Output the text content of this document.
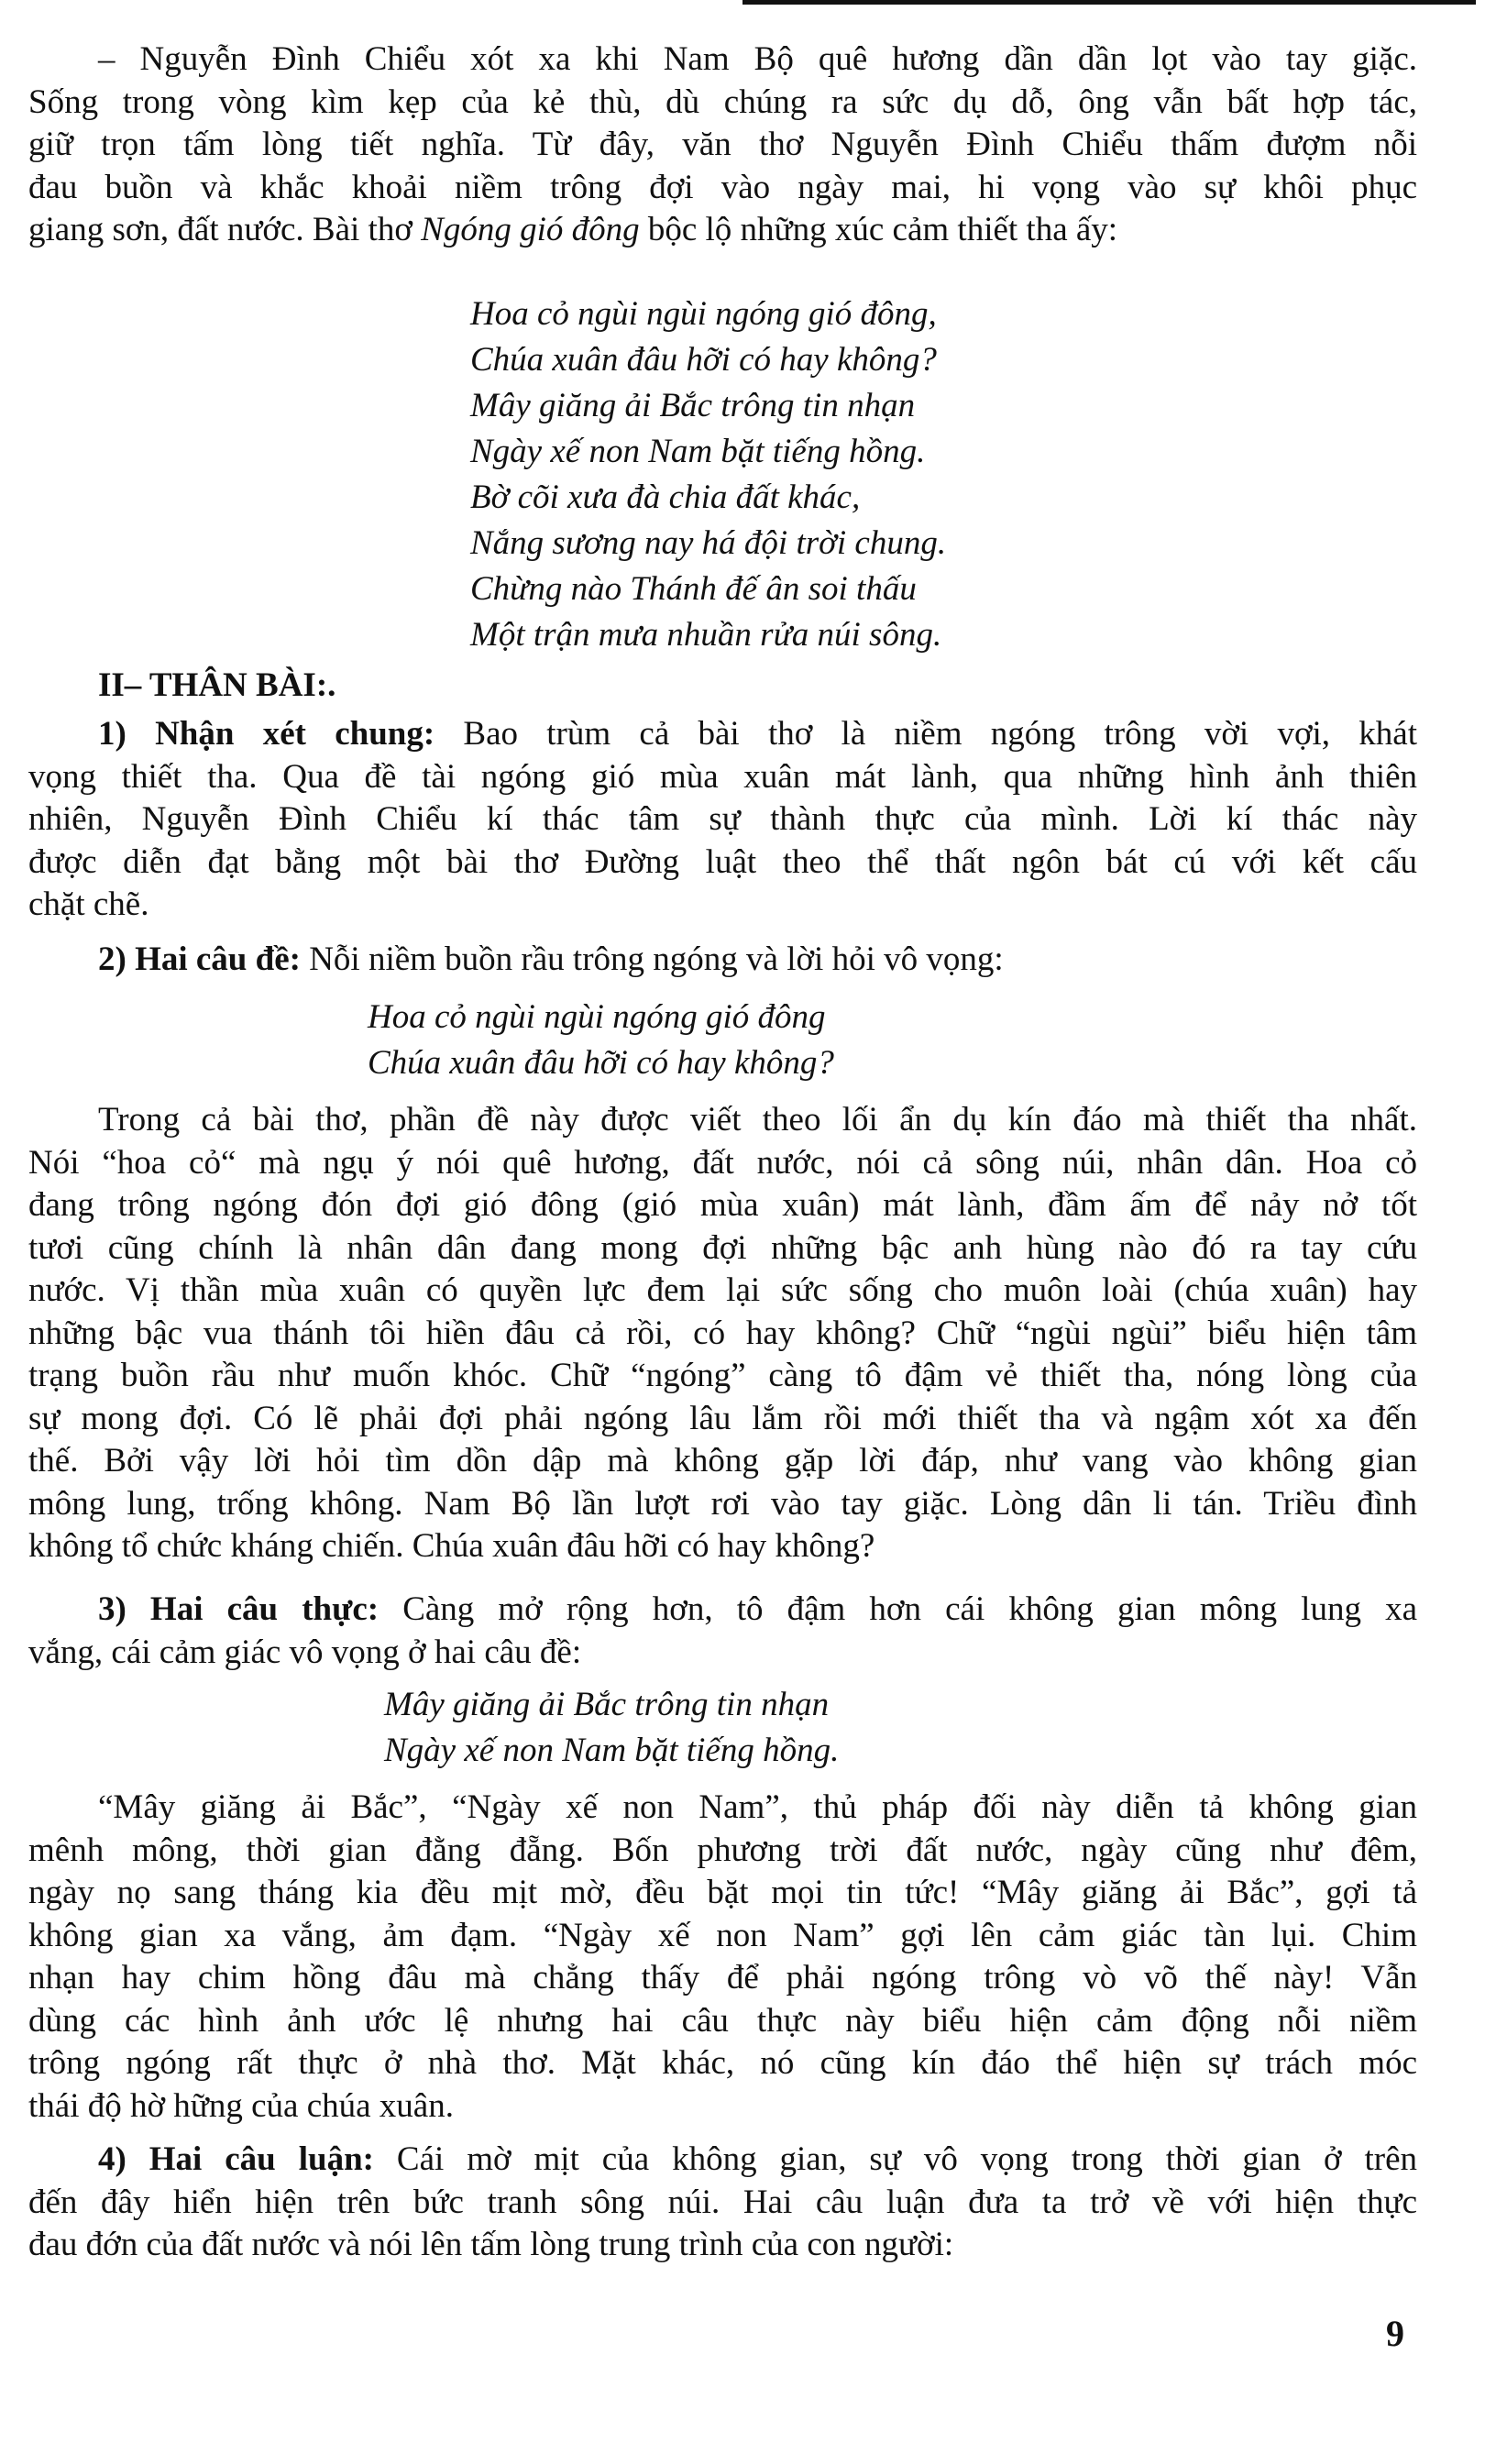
– Nguyễn Đình Chiểu xót xa khi Nam Bộ quê hương dần dần lọt vào tay giặc.
Sống trong vòng kìm kẹp của kẻ thù, dù chúng ra sức dụ dỗ, ông vẫn bất hợp tác,
giữ trọn tấm lòng tiết nghĩa. Từ đây, văn thơ Nguyễn Đình Chiểu thấm đượm nỗi
đau buồn và khắc khoải niềm trông đợi vào ngày mai, hi vọng vào sự khôi phục
giang sơn, đất nước. Bài thơ Ngóng gió đông bộc lộ những xúc cảm thiết tha ấy:
Hoa cỏ ngùi ngùi ngóng gió đông,
Chúa xuân đâu hỡi có hay không?
Mây giăng ải Bắc trông tin nhạn
Ngày xế non Nam bặt tiếng hồng.
Bờ cõi xưa đà chia đất khác,
Nắng sương nay há đội trời chung.
Chừng nào Thánh đế ân soi thấu
Một trận mưa nhuần rửa núi sông.
II– THÂN BÀI:.
1) Nhận xét chung: Bao trùm cả bài thơ là niềm ngóng trông vời vợi, khát
vọng thiết tha. Qua đề tài ngóng gió mùa xuân mát lành, qua những hình ảnh thiên
nhiên, Nguyễn Đình Chiểu kí thác tâm sự thành thực của mình. Lời kí thác này
được diễn đạt bằng một bài thơ Đường luật theo thể thất ngôn bát cú với kết cấu
chặt chẽ.
2) Hai câu đề: Nỗi niềm buồn rầu trông ngóng và lời hỏi vô vọng:
Hoa cỏ ngùi ngùi ngóng gió đông
Chúa xuân đâu hỡi có hay không?
Trong cả bài thơ, phần đề này được viết theo lối ẩn dụ kín đáo mà thiết tha nhất.
Nói “hoa cỏ“ mà ngụ ý nói quê hương, đất nước, nói cả sông núi, nhân dân. Hoa cỏ
đang trông ngóng đón đợi gió đông (gió mùa xuân) mát lành, đầm ấm để nảy nở tốt
tươi cũng chính là nhân dân đang mong đợi những bậc anh hùng nào đó ra tay cứu
nước. Vị thần mùa xuân có quyền lực đem lại sức sống cho muôn loài (chúa xuân) hay
những bậc vua thánh tôi hiền đâu cả rồi, có hay không? Chữ “ngùi ngùi” biểu hiện tâm
trạng buồn rầu như muốn khóc. Chữ “ngóng” càng tô đậm vẻ thiết tha, nóng lòng của
sự mong đợi. Có lẽ phải đợi phải ngóng lâu lắm rồi mới thiết tha và ngậm xót xa đến
thế. Bởi vậy lời hỏi tìm dồn dập mà không gặp lời đáp, như vang vào không gian
mông lung, trống không. Nam Bộ lần lượt rơi vào tay giặc. Lòng dân li tán. Triều đình
không tổ chức kháng chiến. Chúa xuân đâu hỡi có hay không?
3) Hai câu thực: Càng mở rộng hơn, tô đậm hơn cái không gian mông lung xa
vắng, cái cảm giác vô vọng ở hai câu đề:
Mây giăng ải Bắc trông tin nhạn
Ngày xế non Nam bặt tiếng hồng.
“Mây giăng ải Bắc”, “Ngày xế non Nam”, thủ pháp đối này diễn tả không gian
mênh mông, thời gian đằng đẵng. Bốn phương trời đất nước, ngày cũng như đêm,
ngày nọ sang tháng kia đều mịt mờ, đều bặt mọi tin tức! “Mây giăng ải Bắc”, gợi tả
không gian xa vắng, ảm đạm. “Ngày xế non Nam” gợi lên cảm giác tàn lụi. Chim
nhạn hay chim hồng đâu mà chẳng thấy để phải ngóng trông vò võ thế này! Vẫn
dùng các hình ảnh ước lệ nhưng hai câu thực này biểu hiện cảm động nỗi niềm
trông ngóng rất thực ở nhà thơ. Mặt khác, nó cũng kín đáo thể hiện sự trách móc
thái độ hờ hững của chúa xuân.
4) Hai câu luận: Cái mờ mịt của không gian, sự vô vọng trong thời gian ở trên
đến đây hiển hiện trên bức tranh sông núi. Hai câu luận đưa ta trở về với hiện thực
đau đớn của đất nước và nói lên tấm lòng trung trình của con người:
9
